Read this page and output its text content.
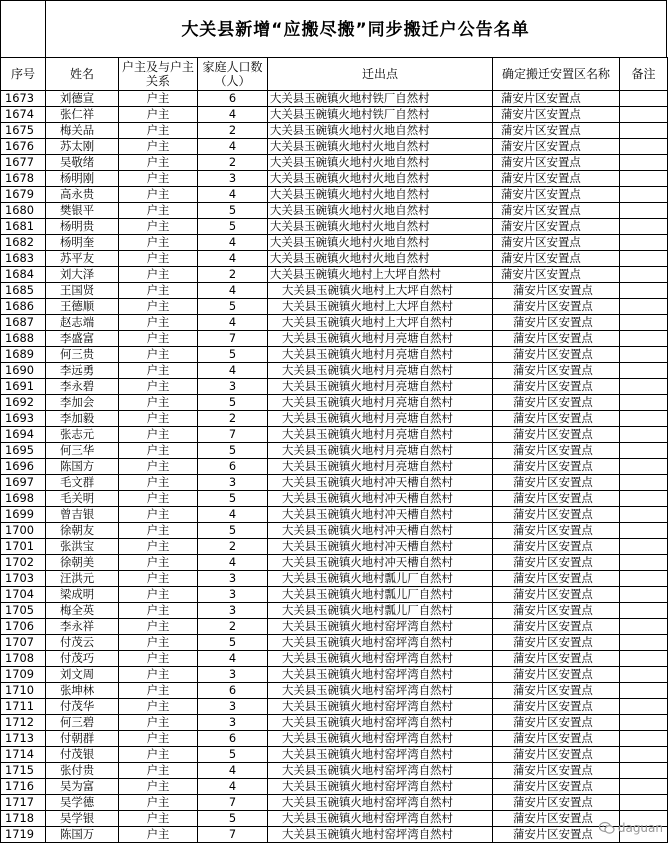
大关县新增“应搬尽搬”同步搬迁户公告名单
序号	姓名	户主及与户主关系	家庭人口数（人）	迁出点	确定搬迁安置区名称	备注
1673	刘德宣	户主	6	大关县玉碗镇火地村铁厂自然村	蒲安片区安置点	
1674	张仁祥	户主	4	大关县玉碗镇火地村铁厂自然村	蒲安片区安置点	
1675	梅关品	户主	2	大关县玉碗镇火地村火地自然村	蒲安片区安置点	
1676	苏太刚	户主	4	大关县玉碗镇火地村火地自然村	蒲安片区安置点	
1677	吴敬绪	户主	2	大关县玉碗镇火地村火地自然村	蒲安片区安置点	
1678	杨明刚	户主	3	大关县玉碗镇火地村火地自然村	蒲安片区安置点	
1679	高永贵	户主	4	大关县玉碗镇火地村火地自然村	蒲安片区安置点	
1680	樊银平	户主	5	大关县玉碗镇火地村火地自然村	蒲安片区安置点	
1681	杨明贵	户主	5	大关县玉碗镇火地村火地自然村	蒲安片区安置点	
1682	杨明奎	户主	4	大关县玉碗镇火地村火地自然村	蒲安片区安置点	
1683	苏平友	户主	4	大关县玉碗镇火地村火地自然村	蒲安片区安置点	
1684	刘大泽	户主	2	大关县玉碗镇火地村上大坪自然村	蒲安片区安置点	
1685	王国贤	户主	4	大关县玉碗镇火地村上大坪自然村	蒲安片区安置点	
1686	王德顺	户主	5	大关县玉碗镇火地村上大坪自然村	蒲安片区安置点	
1687	赵志端	户主	4	大关县玉碗镇火地村上大坪自然村	蒲安片区安置点	
1688	李盛富	户主	7	大关县玉碗镇火地村月亮塘自然村	蒲安片区安置点	
1689	何三贵	户主	5	大关县玉碗镇火地村月亮塘自然村	蒲安片区安置点	
1690	李远勇	户主	4	大关县玉碗镇火地村月亮塘自然村	蒲安片区安置点	
1691	李永碧	户主	3	大关县玉碗镇火地村月亮塘自然村	蒲安片区安置点	
1692	李加会	户主	5	大关县玉碗镇火地村月亮塘自然村	蒲安片区安置点	
1693	李加毅	户主	2	大关县玉碗镇火地村月亮塘自然村	蒲安片区安置点	
1694	张志元	户主	7	大关县玉碗镇火地村月亮塘自然村	蒲安片区安置点	
1695	何三华	户主	5	大关县玉碗镇火地村月亮塘自然村	蒲安片区安置点	
1696	陈国方	户主	6	大关县玉碗镇火地村月亮塘自然村	蒲安片区安置点	
1697	毛文群	户主	3	大关县玉碗镇火地村冲天槽自然村	蒲安片区安置点	
1698	毛关明	户主	5	大关县玉碗镇火地村冲天槽自然村	蒲安片区安置点	
1699	曾吉银	户主	4	大关县玉碗镇火地村冲天槽自然村	蒲安片区安置点	
1700	徐朝友	户主	5	大关县玉碗镇火地村冲天槽自然村	蒲安片区安置点	
1701	张洪宝	户主	2	大关县玉碗镇火地村冲天槽自然村	蒲安片区安置点	
1702	徐朝美	户主	4	大关县玉碗镇火地村冲天槽自然村	蒲安片区安置点	
1703	汪洪元	户主	3	大关县玉碗镇火地村瓢儿厂自然村	蒲安片区安置点	
1704	梁成明	户主	3	大关县玉碗镇火地村瓢儿厂自然村	蒲安片区安置点	
1705	梅全英	户主	3	大关县玉碗镇火地村瓢儿厂自然村	蒲安片区安置点	
1706	李永祥	户主	2	大关县玉碗镇火地村窑坪湾自然村	蒲安片区安置点	
1707	付茂云	户主	5	大关县玉碗镇火地村窑坪湾自然村	蒲安片区安置点	
1708	付茂巧	户主	4	大关县玉碗镇火地村窑坪湾自然村	蒲安片区安置点	
1709	刘文周	户主	3	大关县玉碗镇火地村窑坪湾自然村	蒲安片区安置点	
1710	张坤林	户主	6	大关县玉碗镇火地村窑坪湾自然村	蒲安片区安置点	
1711	付茂华	户主	3	大关县玉碗镇火地村窑坪湾自然村	蒲安片区安置点	
1712	何三碧	户主	3	大关县玉碗镇火地村窑坪湾自然村	蒲安片区安置点	
1713	付朝群	户主	6	大关县玉碗镇火地村窑坪湾自然村	蒲安片区安置点	
1714	付茂银	户主	5	大关县玉碗镇火地村窑坪湾自然村	蒲安片区安置点	
1715	张付贵	户主	4	大关县玉碗镇火地村窑坪湾自然村	蒲安片区安置点	
1716	吴为富	户主	4	大关县玉碗镇火地村窑坪湾自然村	蒲安片区安置点	
1717	吴学德	户主	7	大关县玉碗镇火地村窑坪湾自然村	蒲安片区安置点	
1718	吴学银	户主	5	大关县玉碗镇火地村窑坪湾自然村	蒲安片区安置点	
1719	陈国万	户主	7	大关县玉碗镇火地村窑坪湾自然村	蒲安片区安置点	daguan
